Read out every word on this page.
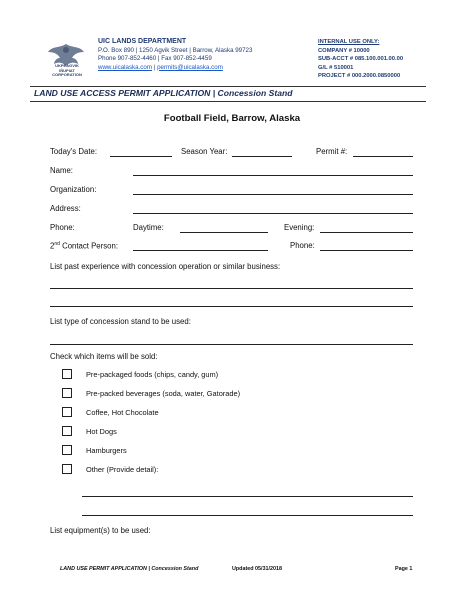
UKPEAGVIK
IÑUPIAT
CORPORATION
UIC LANDS DEPARTMENT
P.O. Box 890 | 1250 Agvik Street | Barrow, Alaska 99723
Phone 907-852-4460 | Fax 907-852-4459
www.uicalaska.com | permits@uicalaska.com
INTERNAL USE ONLY:
COMPANY # 10000
SUB-ACCT # 085.100.001.00.00
G/L # 510001
PROJECT # 000.2000.0850000
LAND USE ACCESS PERMIT APPLICATION | Concession Stand
Football Field, Barrow, Alaska
Today's Date:	Season Year:	Permit #:
Name:
Organization:
Address:
Phone:	Daytime:	Evening:
2nd Contact Person:	Phone:
List past experience with concession operation or similar business:
List type of concession stand to be used:
Check which items will be sold:
Pre-packaged foods (chips, candy, gum)
Pre-packed beverages (soda, water, Gatorade)
Coffee, Hot Chocolate
Hot Dogs
Hamburgers
Other (Provide detail):
List equipment(s) to be used:
LAND USE PERMIT APPLICATION | Concession Stand	Updated 05/31/2018	Page 1
